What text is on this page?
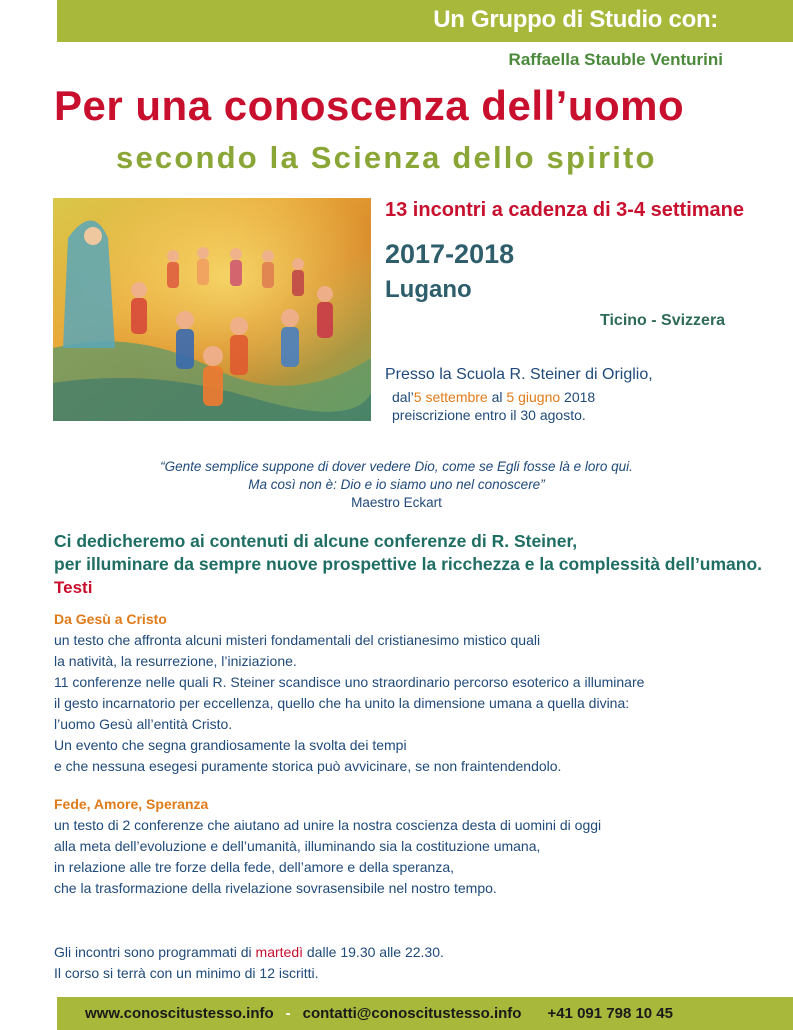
Un Gruppo di Studio con:
Raffaella Stauble Venturini
Per una conoscenza dell’uomo
secondo la Scienza dello spirito
13 incontri a cadenza di 3-4 settimane
2017-2018
Lugano
Ticino - Svizzera
Presso la Scuola R. Steiner di Origlio,
dal’5 settembre al 5 giugno 2018
preiscrizione entro il 30 agosto.
“Gente semplice suppone di dover vedere Dio, come se Egli fosse là e loro qui.
Ma così non è: Dio e io siamo uno nel conoscere”
Maestro Eckart
Ci dedicheremo ai contenuti di alcune conferenze di R. Steiner,
per illuminare da sempre nuove prospettive la ricchezza e la complessità dell’umano.
Testi
Da Gesù a Cristo
un testo che affronta alcuni misteri fondamentali del cristianesimo mistico quali
la natività, la resurrezione, l’iniziazione.
11 conferenze nelle quali R. Steiner scandisce uno straordinario percorso esoterico a illuminare
il gesto incarnatorio per eccellenza, quello che ha unito la dimensione umana a quella divina:
l’uomo Gesù all’entità Cristo.
Un evento che segna grandiosamente la svolta dei tempi
e che nessuna esegesi puramente storica può avvicinare, se non fraintendendolo.
Fede, Amore, Speranza
un testo di 2 conferenze che aiutano ad unire la nostra coscienza desta di uomini di oggi
alla meta dell’evoluzione e dell’umanità, illuminando sia la costituzione umana,
in relazione alle tre forze della fede, dell’amore e della speranza,
che la trasformazione della rivelazione sovrasensibile nel nostro tempo.
Gli incontri sono programmati di martedì dalle 19.30 alle 22.30.
Il corso si terrà con un minimo di 12 iscritti.
www.conoscitustesso.info - contatti@conoscitustesso.info +41 091 798 10 45
